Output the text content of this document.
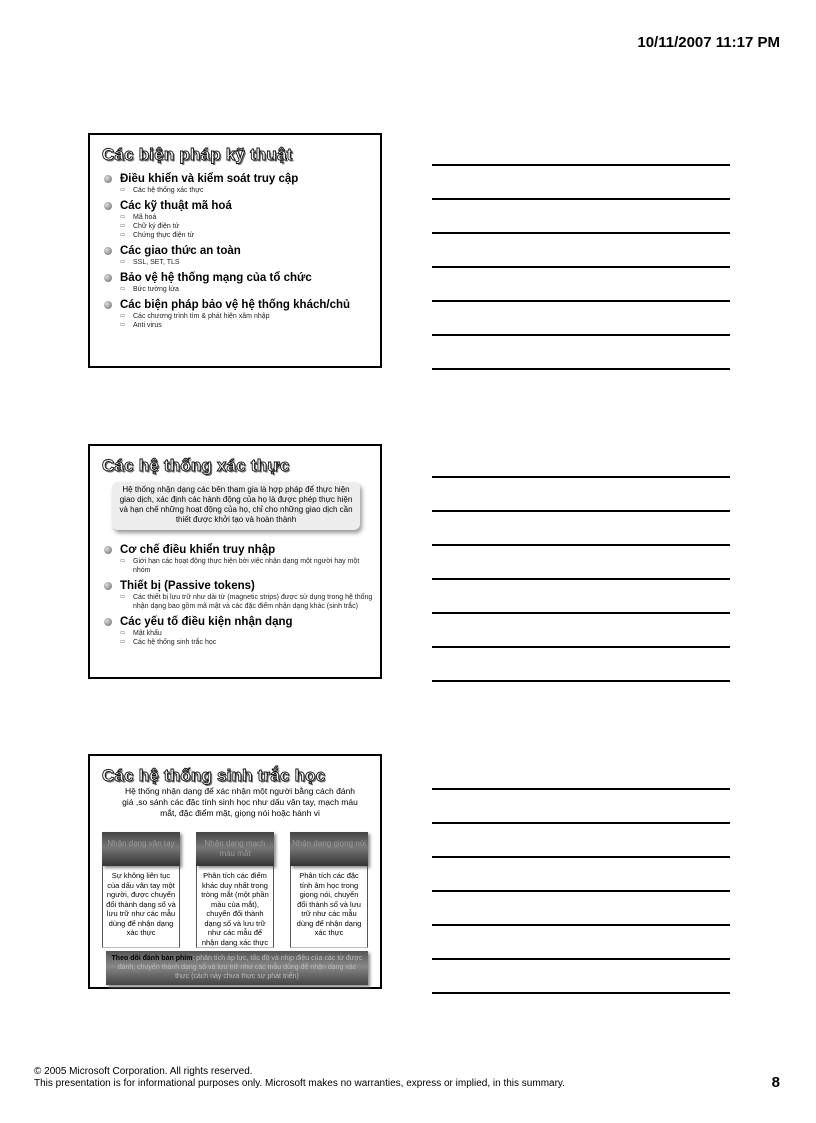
10/11/2007 11:17 PM
Các biện pháp kỹ thuật
Điều khiển và kiểm soát truy cập
▭ Các hệ thống xác thực
Các kỹ thuật mã hoá
▭ Mã hoá
▭ Chữ ký điện tử
▭ Chứng thực điện tử
Các giao thức an toàn
▭ SSL, SET, TLS
Bảo vệ hệ thống mạng của tổ chức
▭ Bức tường lửa
Các biện pháp bảo vệ hệ thống khách/chủ
▭ Các chương trình tìm & phát hiện xâm nhập
▭ Anti virus
Các hệ thống xác thực
Hệ thống nhận dạng các bên tham gia là hợp pháp để thực hiện giao dịch, xác định các hành động của họ là được phép thực hiện và hạn chế những hoạt động của họ, chỉ cho những giao dịch cần thiết được khởi tạo và hoàn thành
Cơ chế điều khiển truy nhập
▭ Giới hạn các hoạt động thực hiện bởi việc nhận dạng một người hay một nhóm
Thiết bị (Passive tokens)
▭ Các thiết bị lưu trữ như dải từ (magnetic strips) được sử dụng trong hệ thống nhận dạng bao gồm mã mật và các đặc điểm nhận dạng khác (sinh trắc)
Các yếu tố điều kiện nhận dạng
▭ Mật khẩu
▭ Các hệ thống sinh trắc học
Các hệ thống sinh trắc học
Hệ thống nhận dạng để xác nhận một người bằng cách đánh giá ,so sánh các đặc tính sinh học như dấu vân tay, mạch máu mắt, đặc điểm mặt, giọng nói hoặc hành vi
Nhận dạng vân tay
Sự không liên tục của dấu vân tay một người, được chuyển đổi thành dạng số và lưu trữ như các mẫu dùng để nhận dạng xác thực
Nhận dạng mạch máu mắt
Phân tích các điểm khác duy nhất trong tròng mắt (một phần màu của mắt), chuyển đổi thành dạng số và lưu trữ như các mẫu để nhận dạng xác thực
Nhận dạng giọng nói
Phân tích các đặc tính âm học trong giọng nói, chuyển đổi thành số và lưu trữ như các mẫu dùng để nhận dạng xác thực
Theo dõi đánh bàn phím: phân tích áp lực, tốc độ và nhịp điệu của các từ được đánh, chuyển thành dạng số và lưu trữ như các mẫu dùng để nhận dạng xác thực (cách này chưa thực sự phát triển)
© 2005 Microsoft Corporation. All rights reserved.
This presentation is for informational purposes only. Microsoft makes no warranties, express or implied, in this summary.	8
